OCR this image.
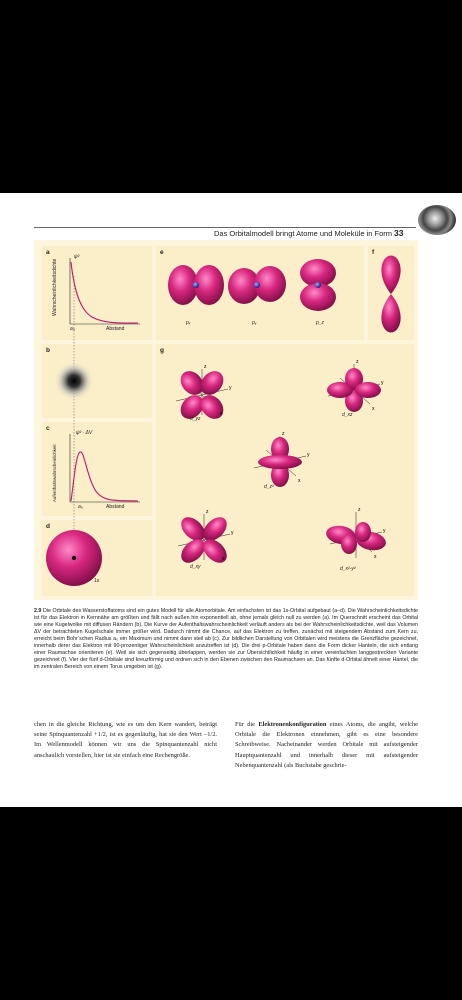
Das Orbitalmodell bringt Atome und Moleküle in Form 33
a
b
c
d
e	f
g
z
y
x
z
y
x
z
y
x
z
y
x
z
y
x
Wahrscheinlichkeitsdichte
ψ²
a₀	Abstand
Aufenthaltswahrscheinlichkeit
ψ² · ΔV
a₀	Abstand
1s
pₓ	pᵧ	p_z
d_yz
d_xz
d_z²
d_xy	d_x²-y²
2.9 Die Orbitale des Wasserstoffatoms sind ein gutes Modell für alle Atomorbitale. Am einfachsten ist das 1s-Orbital aufgebaut (a–d). Die Wahrscheinlichkeitsdichte ist für das Elektron in Kernnähe am größten und fällt nach außen hin exponentiell ab, ohne jemals gleich null zu werden (a). Im Querschnitt erscheint das Orbital wie eine Kugelwolke mit diffusen Rändern (b). Die Kurve der Aufenthaltswahrscheinlichkeit verläuft anders als bei der Wahrscheinlichkeitsdichte, weil das Volumen ΔV der betrachteten Kugelschale immer größer wird. Dadurch nimmt die Chance, auf das Elektron zu treffen, zunächst mit steigendem Abstand zum Kern zu, erreicht beim Bohr’schen Radius a₀ ein Maximum und nimmt dann steil ab (c). Zur bildlichen Darstellung von Orbitalen wird meistens die Grenzfläche gezeichnet, innerhalb derer das Elektron mit 90-prozentiger Wahrscheinlichkeit anzutreffen ist (d). Die drei p-Orbitale haben dann die Form dicker Hanteln, die sich entlang einer Raumachse orientieren (e). Weil sie sich gegenseitig überlappen, werden sie zur Übersichtlichkeit häufig in einer vereinfachten langgestreckten Variante gezeichnet (f). Vier der fünf d-Orbitale sind kreuzförmig und ordnen sich in den Ebenen zwischen den Raumachsen an. Das fünfte d-Orbital ähnelt einer Hantel, die im zentralen Bereich von einem Torus umgeben ist (g).
chen in die gleiche Richtung, wie es um den Kern wandert, beträgt seine Spinquantenzahl +1/2, ist es gegenläufig, hat sie den Wert –1/2. Im Wellenmodell können wir uns die Spinquantenzahl nicht anschaulich vorstellen, hier ist sie einfach eine Rechengröße.
Für die Elektronenkonfiguration eines Atoms, die angibt, welche Orbitale die Elektronen einnehmen, gibt es eine besondere Schreibweise. Nacheinander werden Orbitale mit aufsteigender Hauptquantenzahl und innerhalb dieser mit aufsteigender Nebenquantenzahl (als Buchstabe geschrie-
